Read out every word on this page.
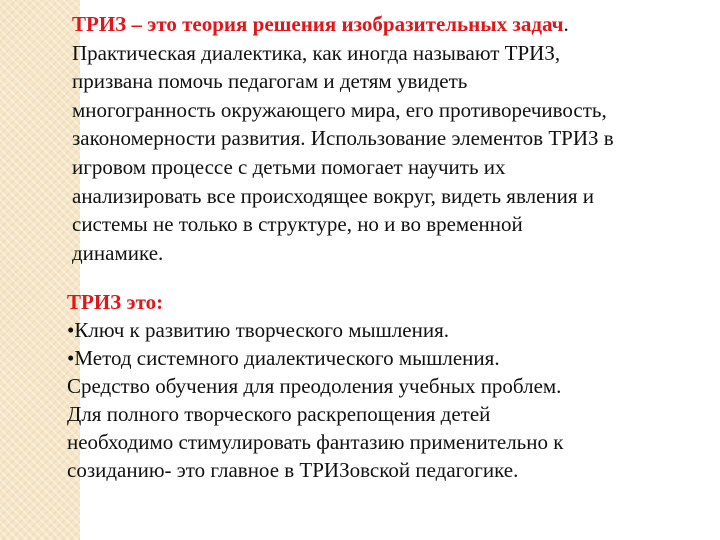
ТРИЗ – это теория решения изобразительных задач.
Практическая диалектика, как иногда называют ТРИЗ,
призвана помочь педагогам и детям увидеть
многогранность окружающего мира, его противоречивость,
закономерности развития. Использование элементов ТРИЗ в
игровом процессе с детьми помогает научить их
анализировать все происходящее вокруг, видеть явления и
системы не только в структуре, но и во временной
динамике.
ТРИЗ это:
•Ключ к развитию творческого мышления.
•Метод системного диалектического мышления.
Средство обучения для преодоления учебных проблем.
Для полного творческого раскрепощения детей
необходимо стимулировать фантазию применительно к
созиданию- это главное в ТРИЗовской педагогике.
